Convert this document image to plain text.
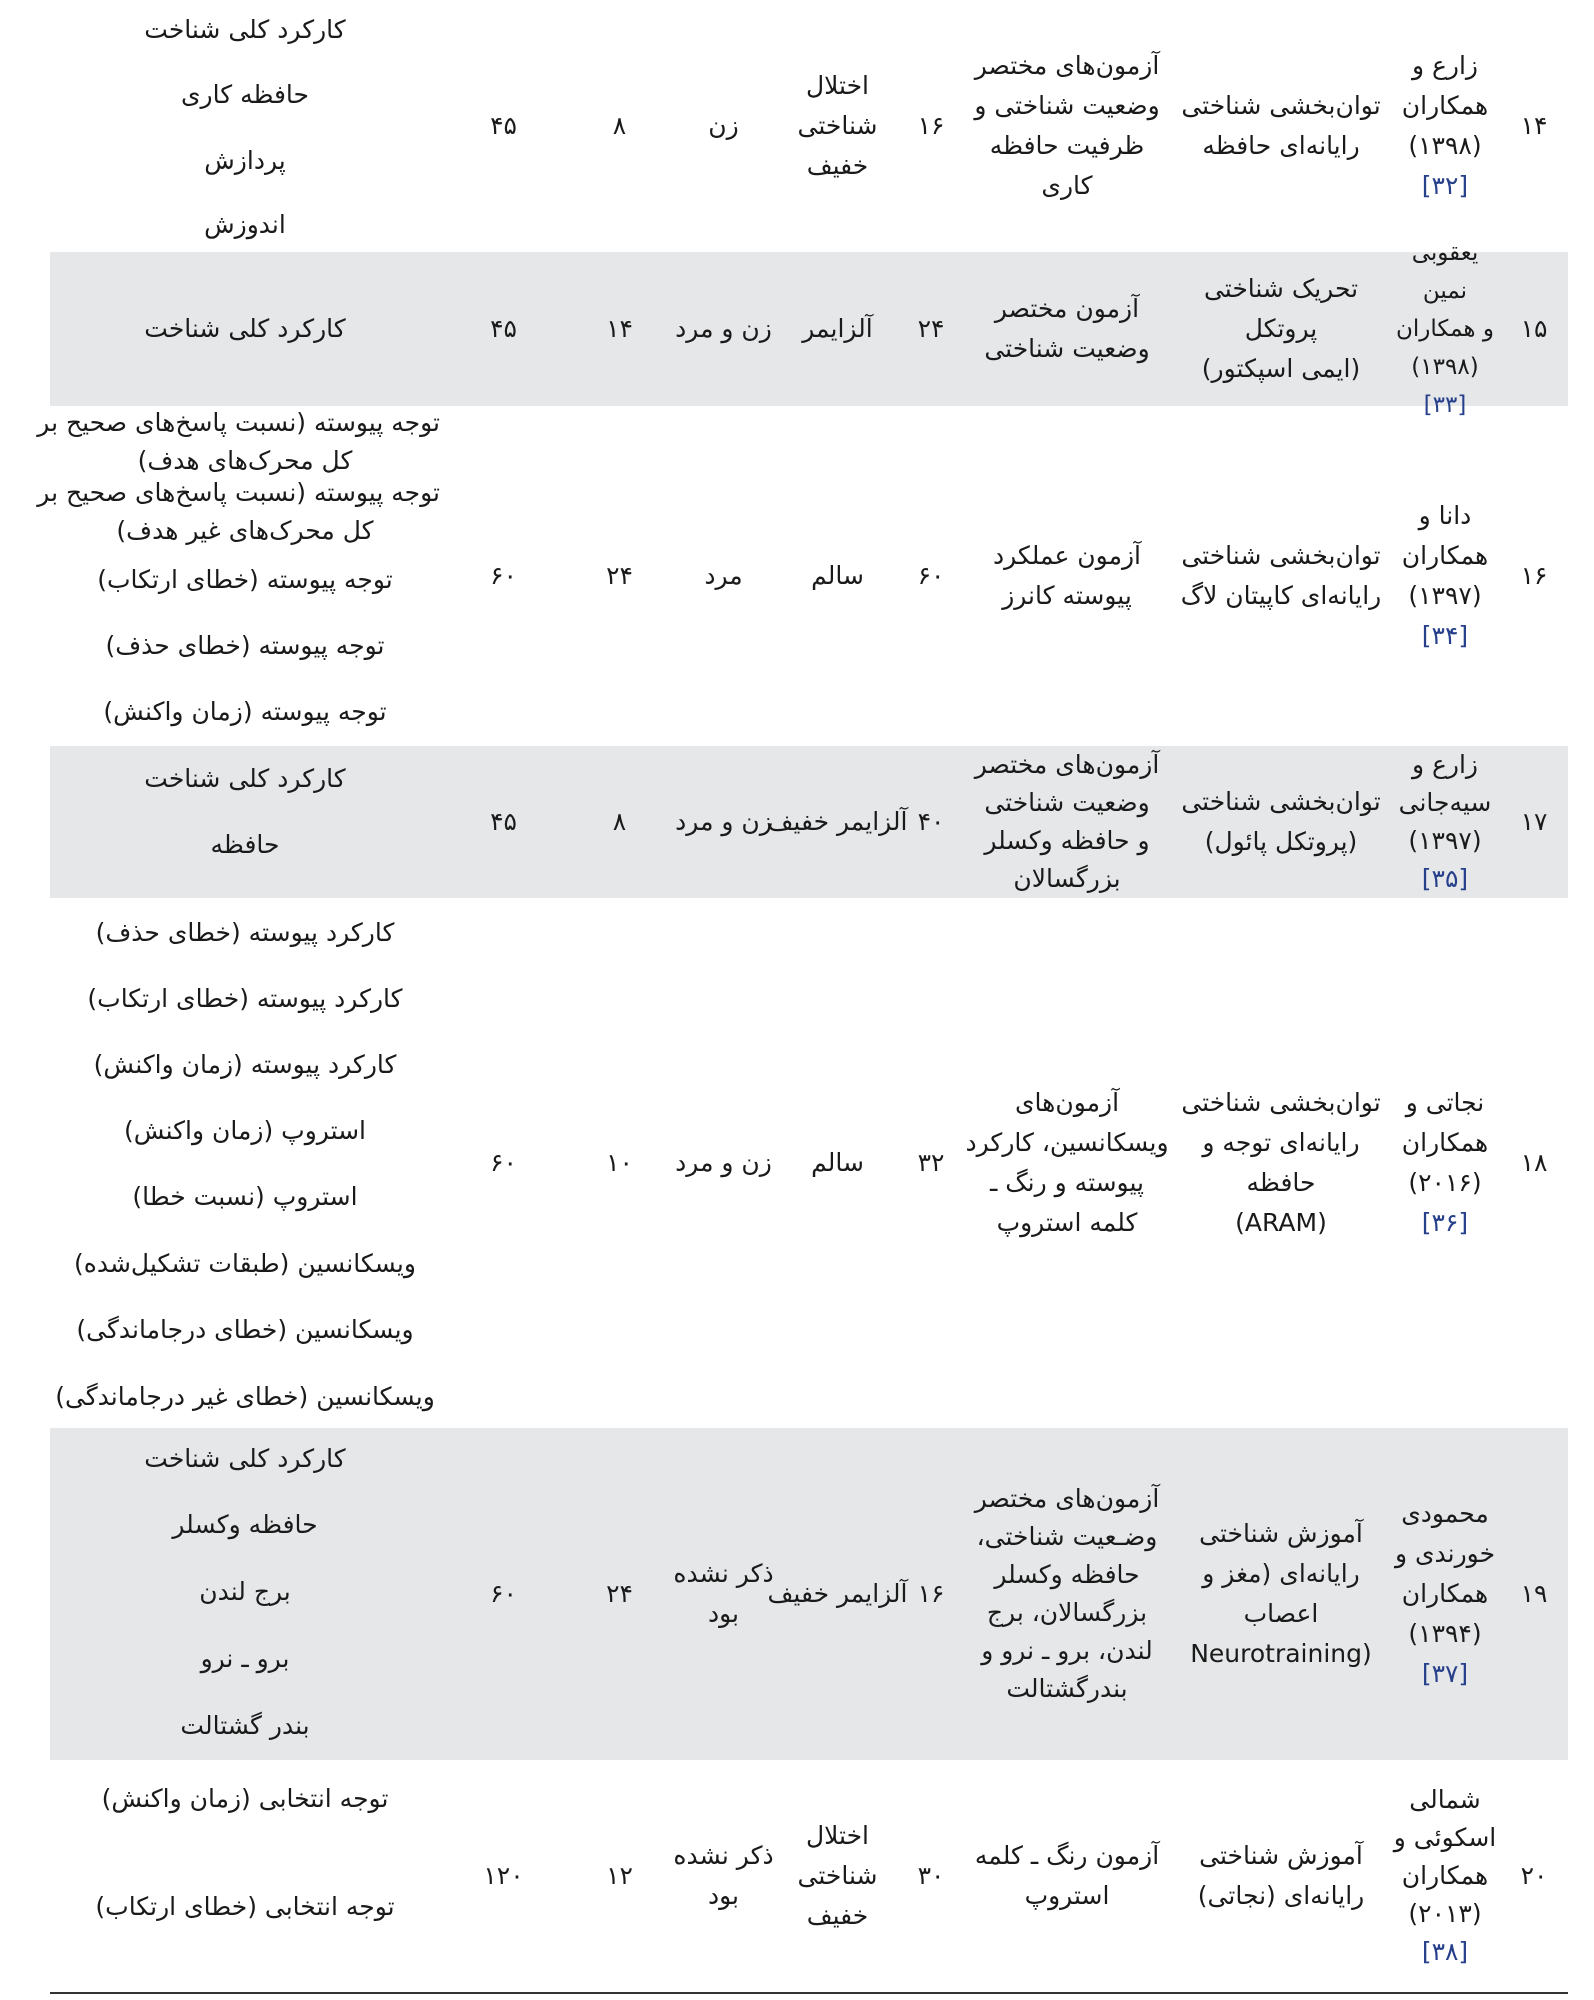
۱۴
زارع و
همکاران
(۱۳۹۸)
[۳۲]
توان‌بخشی شناختی
رایانه‌ای حافظه
آزمون‌های مختصر
وضعیت شناختی و
ظرفیت حافظه کاری
۱۶
اختلال
شناختی
خفیف
زن
۸
۴۵
کارکرد کلی شناخت
حافظه کاری
پردازش
اندوزش
۱۵
یعقوبی نمین
و همکاران
(۱۳۹۸)
[۳۳]
تحریک شناختی
پروتکل
(ایمی اسپکتور)
آزمون مختصر
وضعیت شناختی
۲۴
آلزایمر
زن و مرد
۱۴
۴۵
کارکرد کلی شناخت
۱۶
دانا و
همکاران
(۱۳۹۷)
[۳۴]
توان‌بخشی شناختی
رایانه‌ای کاپیتان لاگ
آزمون عملکرد
پیوسته کانرز
۶۰
سالم
مرد
۲۴
۶۰
توجه پیوسته (نسبت پاسخ‌های صحیح بر
کل محرک‌های هدف)
توجه پیوسته (نسبت پاسخ‌های صحیح بر
کل محرک‌های غیر هدف)
توجه پیوسته (خطای ارتکاب)
توجه پیوسته (خطای حذف)
توجه پیوسته (زمان واکنش)
۱۷
زارع و
سیه‌جانی
(۱۳۹۷)
[۳۵]
توان‌بخشی شناختی
(پروتکل پائول)
آزمون‌های مختصر
وضعیت شناختی
و حافظه وکسلر
بزرگسالان
۴۰
آلزایمر خفیف
زن و مرد
۸
۴۵
کارکرد کلی شناخت
حافظه
۱۸
نجاتی و
همکاران
(۲۰۱۶)
[۳۶]
توان‌بخشی شناختی
رایانه‌ای توجه و حافظه
(ARAM)
آزمون‌های
ویسکانسین، کارکرد
پیوسته و رنگ ـ
کلمه استروپ
۳۲
سالم
زن و مرد
۱۰
۶۰
کارکرد پیوسته (خطای حذف)
کارکرد پیوسته (خطای ارتکاب)
کارکرد پیوسته (زمان واکنش)
استروپ (زمان واکنش)
استروپ (نسبت خطا)
ویسکانسین (طبقات تشکیل‌شده)
ویسکانسین (خطای درجاماندگی)
ویسکانسین (خطای غیر درجاماندگی)
۱۹
محمودی
خورندی و
همکاران
(۱۳۹۴)
[۳۷]
آموزش شناختی
رایانه‌ای (مغز و اعصاب
(Neurotraining
آزمون‌های مختصر
وضـعیت شناختی،
حافظه وکسلر
بزرگسالان، برج
لندن، برو ـ نرو و
بندرگشتالت
۱۶
آلزایمر خفیف
ذکر نشده
بود
۲۴
۶۰
کارکرد کلی شناخت
حافظه وکسلر
برج لندن
برو ـ نرو
بندر گشتالت
۲۰
شمالی
اسکوئی و
همکاران
(۲۰۱۳)
[۳۸]
آموزش شناختی
رایانه‌ای (نجاتی)
آزمون رنگ ـ کلمه
استروپ
۳۰
اختلال
شناختی
خفیف
ذکر نشده
بود
۱۲
۱۲۰
توجه انتخابی (زمان واکنش)
توجه انتخابی (خطای ارتکاب)
